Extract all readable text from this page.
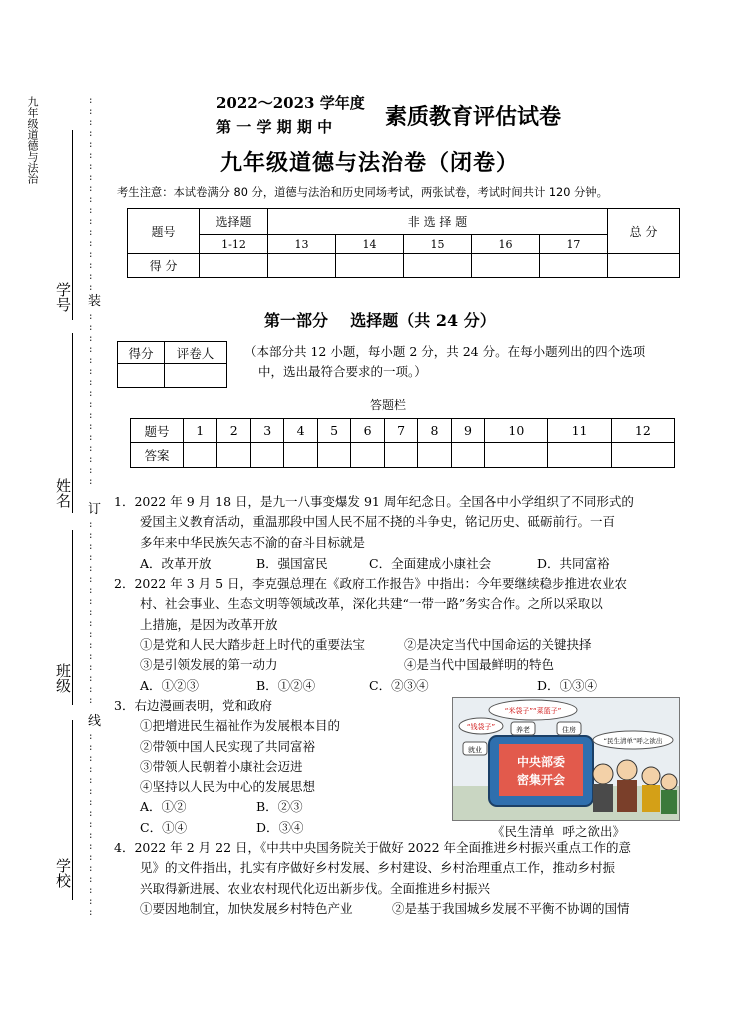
九年级道德与法治
学号
姓名
班级
学校
:
:
:
:
:
:
:
:
:
:
:
:
:
:
:
:
:
:
装
:
:
:
:
:
:
:
:
:
:
:
:
:
:
:
:
订
:
:
:
:
:
:
:
:
:
:
:
:
:
:
:
:
:
线
:
:
:
:
:
:
:
:
:
:
:
:
:
:
:
:
:
2022～2023 学年度
第 一 学 期 期 中 素质教育评估试卷
九年级道德与法治卷（闭卷）
考生注意：本试卷满分 80 分，道德与法治和历史同场考试，两张试卷，考试时间共计 120 分钟。
题号	选择题	非 选 择 题					总 分
	1-12	13	14	15	16	17	
得 分							
第一部分    选择题（共 24 分）
得分	评卷人
	（本部分共 12 小题，每小题 2 分，共 24 分。在每小题列出的四个选项
中，选出最符合要求的一项。）
答题栏
题号	1	2	3	4	5	6	7	8	9	10	11	12
答案												

1．2022 年 9 月 18 日，是九一八事变爆发 91 周年纪念日。全国各中小学组织了不同形式的

爱国主义教育活动，重温那段中国人民不屈不挠的斗争史，铭记历史、砥砺前行。一百

多年来中华民族矢志不渝的奋斗目标就是

A．改革开放	B．强国富民	C．全面建成小康社会	D．共同富裕

2．2022 年 3 月 5 日，李克强总理在《政府工作报告》中指出：今年要继续稳步推进农业农

村、社会事业、生态文明等领域改革，深化共建“一带一路”务实合作。之所以采取以

上措施，是因为改革开放

①是党和人民大踏步赶上时代的重要法宝	②是决定当代中国命运的关键抉择
③是引领发展的第一动力	④是当代中国最鲜明的特色
A．①②③	B．①②④	C．②③④	D．①③④
3．右边漫画表明，党和政府
①把增进民生福祉作为发展根本目的
②带领中国人民实现了共同富裕
③带领人民朝着小康社会迈进
④坚持以人民为中心的发展思想
A．①②	B．②③
C．①④	D．③④
中央部委
密集开会
“米袋子”“菜篮子”
“钱袋子”
就业
养老	住房
“民生清单”呼之欲出
《民生清单  呼之欲出》

4．2022 年 2 月 22 日，《中共中央国务院关于做好 2022 年全面推进乡村振兴重点工作的意

见》的文件指出，扎实有序做好乡村发展、乡村建设、乡村治理重点工作，推动乡村振

兴取得新进展、农业农村现代化迈出新步伐。全面推进乡村振兴

①要因地制宜，加快发展乡村特色产业	②是基于我国城乡发展不平衡不协调的国情
